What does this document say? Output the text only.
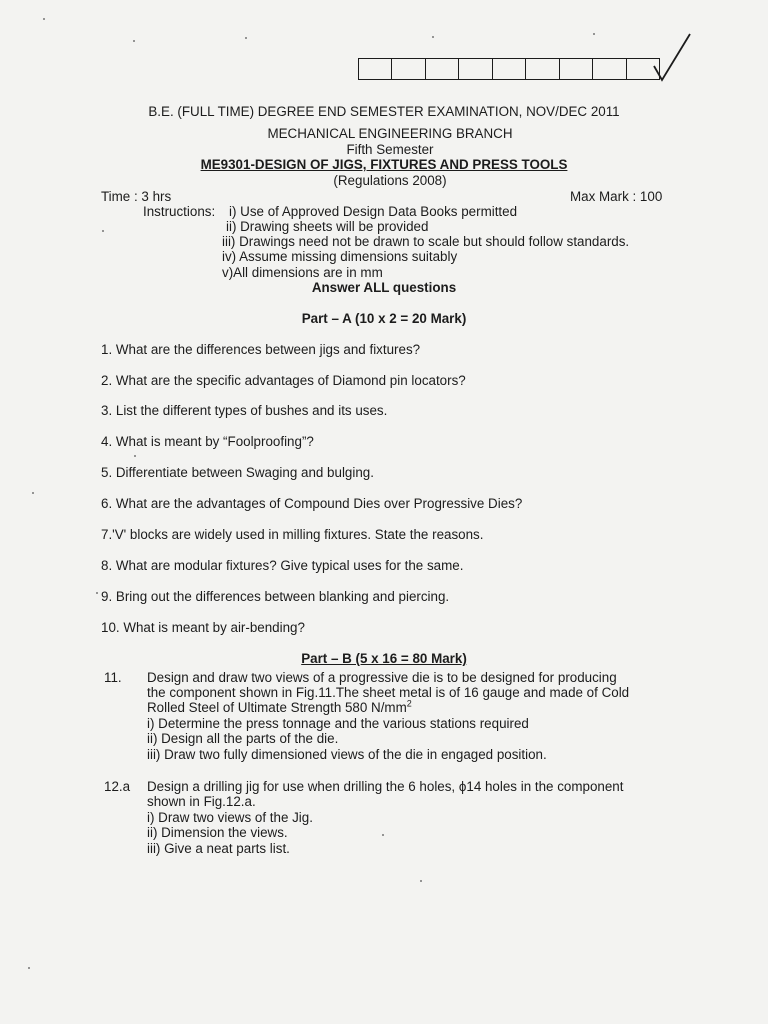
B.E. (FULL TIME) DEGREE END SEMESTER EXAMINATION, NOV/DEC 2011
MECHANICAL ENGINEERING BRANCH
Fifth Semester
ME9301-DESIGN OF JIGS, FIXTURES AND PRESS TOOLS
(Regulations 2008)
Time : 3 hrs	Max Mark : 100
Instructions: i) Use of Approved Design Data Books permitted
ii) Drawing sheets will be provided
iii) Drawings need not be drawn to scale but should follow standards.
iv) Assume missing dimensions suitably
v)All dimensions are in mm
Answer ALL questions
Part – A (10 x 2 = 20 Mark)
1. What are the differences between jigs and fixtures?
2. What are the specific advantages of Diamond pin locators?
3. List the different types of bushes and its uses.
4. What is meant by “Foolproofing”?
5. Differentiate between Swaging and bulging.
6. What are the advantages of Compound Dies over Progressive Dies?
7.'V' blocks are widely used in milling fixtures. State the reasons.
8. What are modular fixtures? Give typical uses for the same.
9. Bring out the differences between blanking and piercing.
10. What is meant by air-bending?
Part – B (5 x 16 = 80 Mark)
11. Design and draw two views of a progressive die is to be designed for producing
the component shown in Fig.11.The sheet metal is of 16 gauge and made of Cold
Rolled Steel of Ultimate Strength 580 $N/mm^2$
i) Determine the press tonnage and the various stations required
ii) Design all the parts of the die.
iii) Draw two fully dimensioned views of the die in engaged position.
12.a Design a drilling jig for use when drilling the 6 holes, ϕ14 holes in the component
shown in Fig.12.a.
i) Draw two views of the Jig.
ii) Dimension the views.
iii) Give a neat parts list.
